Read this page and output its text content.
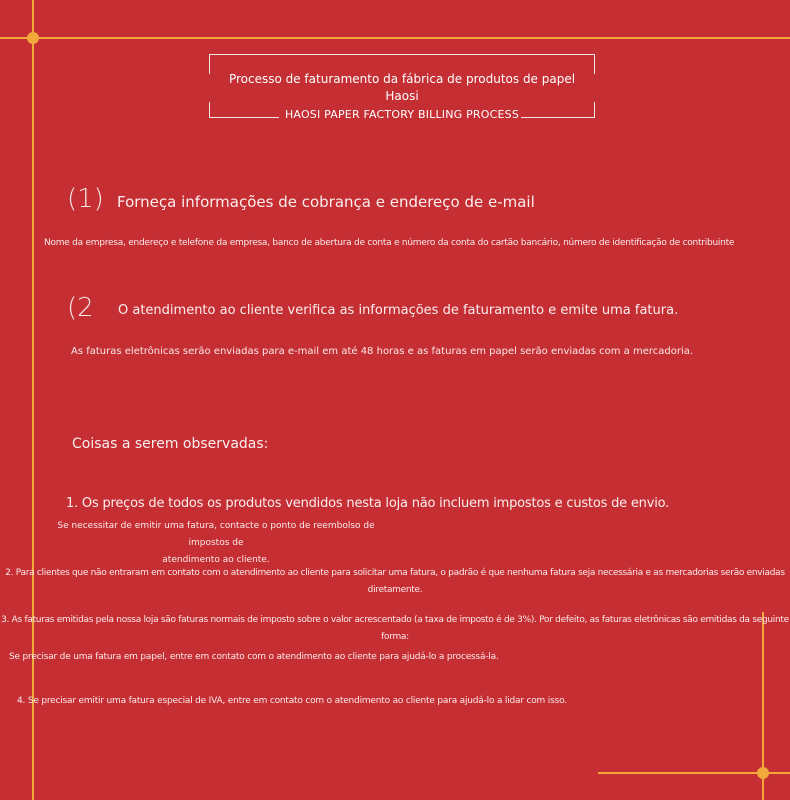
Processo de faturamento da fábrica de produtos de papel
Haosi
HAOSI PAPER FACTORY BILLING PROCESS
(1) Forneça informações de cobrança e endereço de e-mail
Nome da empresa, endereço e telefone da empresa, banco de abertura de conta e número da conta do cartão bancário, número de identificação de contribuinte
(2 O atendimento ao cliente verifica as informações de faturamento e emite uma fatura.
As faturas eletrônicas serão enviadas para e-mail em até 48 horas e as faturas em papel serão enviadas com a mercadoria.
Coisas a serem observadas:
1. Os preços de todos os produtos vendidos nesta loja não incluem impostos e custos de envio.
Se necessitar de emitir uma fatura, contacte o ponto de reembolso de impostos de
atendimento ao cliente.
2. Para clientes que não entraram em contato com o atendimento ao cliente para solicitar uma fatura, o padrão é que nenhuma fatura seja necessária e as mercadorias serão enviadas
diretamente.
3. As faturas emitidas pela nossa loja são faturas normais de imposto sobre o valor acrescentado (a taxa de imposto é de 3%). Por defeito, as faturas eletrônicas são emitidas da seguinte
forma:
Se precisar de uma fatura em papel, entre em contato com o atendimento ao cliente para ajudá-lo a processá-la.
4. Se precisar emitir uma fatura especial de IVA, entre em contato com o atendimento ao cliente para ajudá-lo a lidar com isso.
